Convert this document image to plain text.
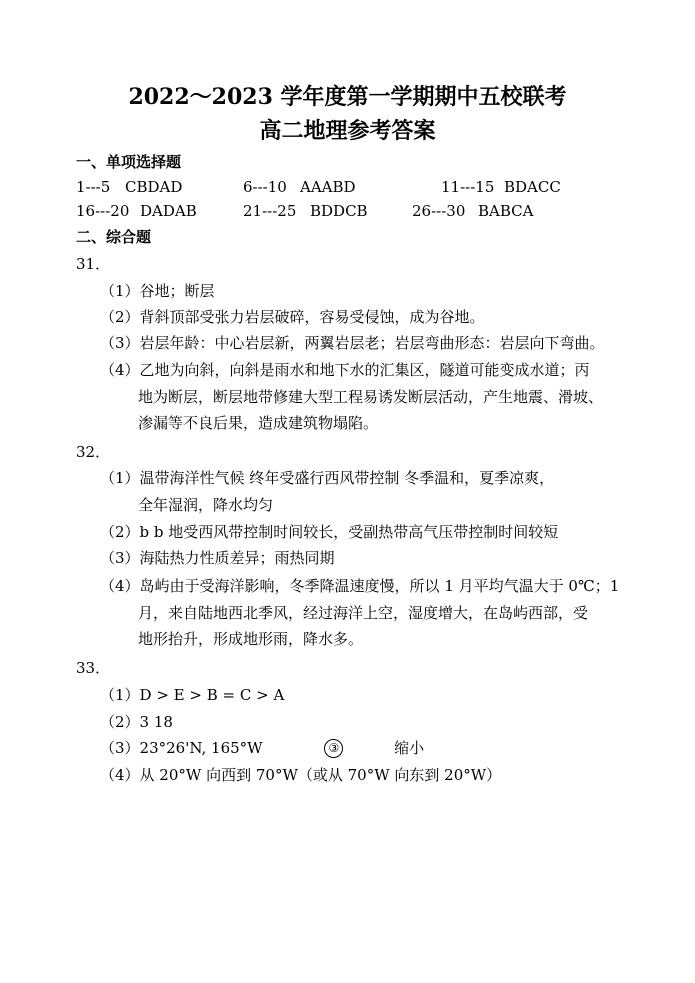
2022～2023 学年度第一学期期中五校联考
高二地理参考答案
一、单项选择题
1---5 CBDAD	6---10 AAABD	11---15 BDACC
16---20 DADAB	21---25 BDDCB	26---30 BABCA
二、综合题
31．
（1）谷地；断层
（2）背斜顶部受张力岩层破碎，容易受侵蚀，成为谷地。
（3）岩层年龄：中心岩层新，两翼岩层老；岩层弯曲形态：岩层向下弯曲。
（4）乙地为向斜，向斜是雨水和地下水的汇集区，隧道可能变成水道；丙
地为断层，断层地带修建大型工程易诱发断层活动，产生地震、滑坡、
渗漏等不良后果，造成建筑物塌陷。
32．
（1）温带海洋性气候 终年受盛行西风带控制 冬季温和，夏季凉爽，
全年湿润，降水均匀
（2）b b 地受西风带控制时间较长，受副热带高气压带控制时间较短
（3）海陆热力性质差异；雨热同期
（4）岛屿由于受海洋影响，冬季降温速度慢，所以 1 月平均气温大于 0℃；1
月，来自陆地西北季风，经过海洋上空，湿度增大，在岛屿西部，受
地形抬升，形成地形雨，降水多。
33．
（1）D > E > B = C > A
（2）3 18
（3）23°26'N, 165°W	③	缩小
（4）从 20°W 向西到 70°W（或从 70°W 向东到 20°W）
